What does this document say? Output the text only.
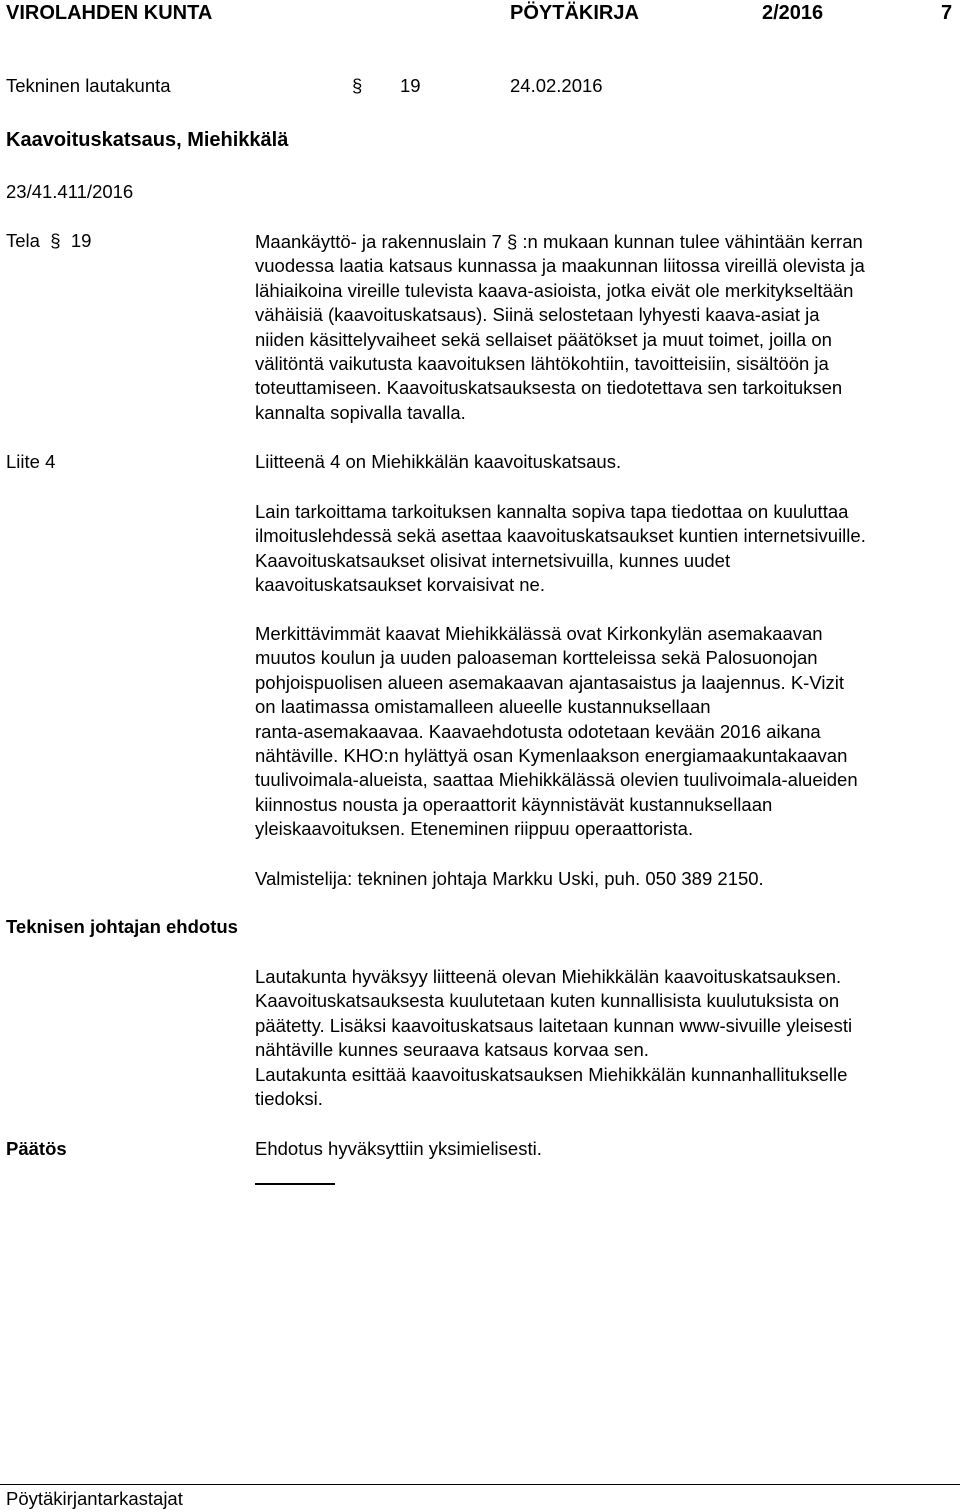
VIROLAHDEN KUNTA	PÖYTÄKIRJA	2/2016	7
Tekninen lautakunta	§ 19	24.02.2016
Kaavoituskatsaus, Miehikkälä
23/41.411/2016
Tela  §  19	Maankäyttö- ja rakennuslain 7 § :n mukaan kunnan tulee vähintään kerran
vuodessa laatia katsaus kunnassa ja maakunnan liitossa vireillä olevista ja
lähiaikoina vireille tulevista kaava-asioista, jotka eivät ole merkitykseltään
vähäisiä (kaavoituskatsaus). Siinä selostetaan lyhyesti kaava-asiat ja
niiden käsittelyvaiheet sekä sellaiset päätökset ja muut toimet, joilla on
välitöntä vaikutusta kaavoituksen lähtökohtiin, tavoitteisiin, sisältöön ja
toteuttamiseen. Kaavoituskatsauksesta on tiedotettava sen tarkoituksen
kannalta sopivalla tavalla.
Liite 4	Liitteenä 4 on Miehikkälän kaavoituskatsaus.
Lain tarkoittama tarkoituksen kannalta sopiva tapa tiedottaa on kuuluttaa
ilmoituslehdessä sekä asettaa kaavoituskatsaukset kuntien internetsivuille.
Kaavoituskatsaukset olisivat internetsivuilla, kunnes uudet
kaavoituskatsaukset korvaisivat ne.
Merkittävimmät kaavat Miehikkälässä ovat Kirkonkylän asemakaavan
muutos koulun ja uuden paloaseman kortteleissa sekä Palosuonojan
pohjoispuolisen alueen asemakaavan ajantasaistus ja laajennus. K-Vizit
on laatimassa omistamalleen alueelle kustannuksellaan
ranta-asemakaavaa. Kaavaehdotusta odotetaan kevään 2016 aikana
nähtäville. KHO:n hylättyä osan Kymenlaakson energiamaakuntakaavan
tuulivoimala-alueista, saattaa Miehikkälässä olevien tuulivoimala-alueiden
kiinnostus nousta ja operaattorit käynnistävät kustannuksellaan
yleiskaavoituksen. Eteneminen riippuu operaattorista.
Valmistelija: tekninen johtaja Markku Uski, puh. 050 389 2150.
Teknisen johtajan ehdotus
Lautakunta hyväksyy liitteenä olevan Miehikkälän kaavoituskatsauksen.
Kaavoituskatsauksesta kuulutetaan kuten kunnallisista kuulutuksista on
päätetty. Lisäksi kaavoituskatsaus laitetaan kunnan www-sivuille yleisesti
nähtäville kunnes seuraava katsaus korvaa sen.
Lautakunta esittää kaavoituskatsauksen Miehikkälän kunnanhallitukselle
tiedoksi.
Päätös	Ehdotus hyväksyttiin yksimielisesti.
Pöytäkirjantarkastajat
